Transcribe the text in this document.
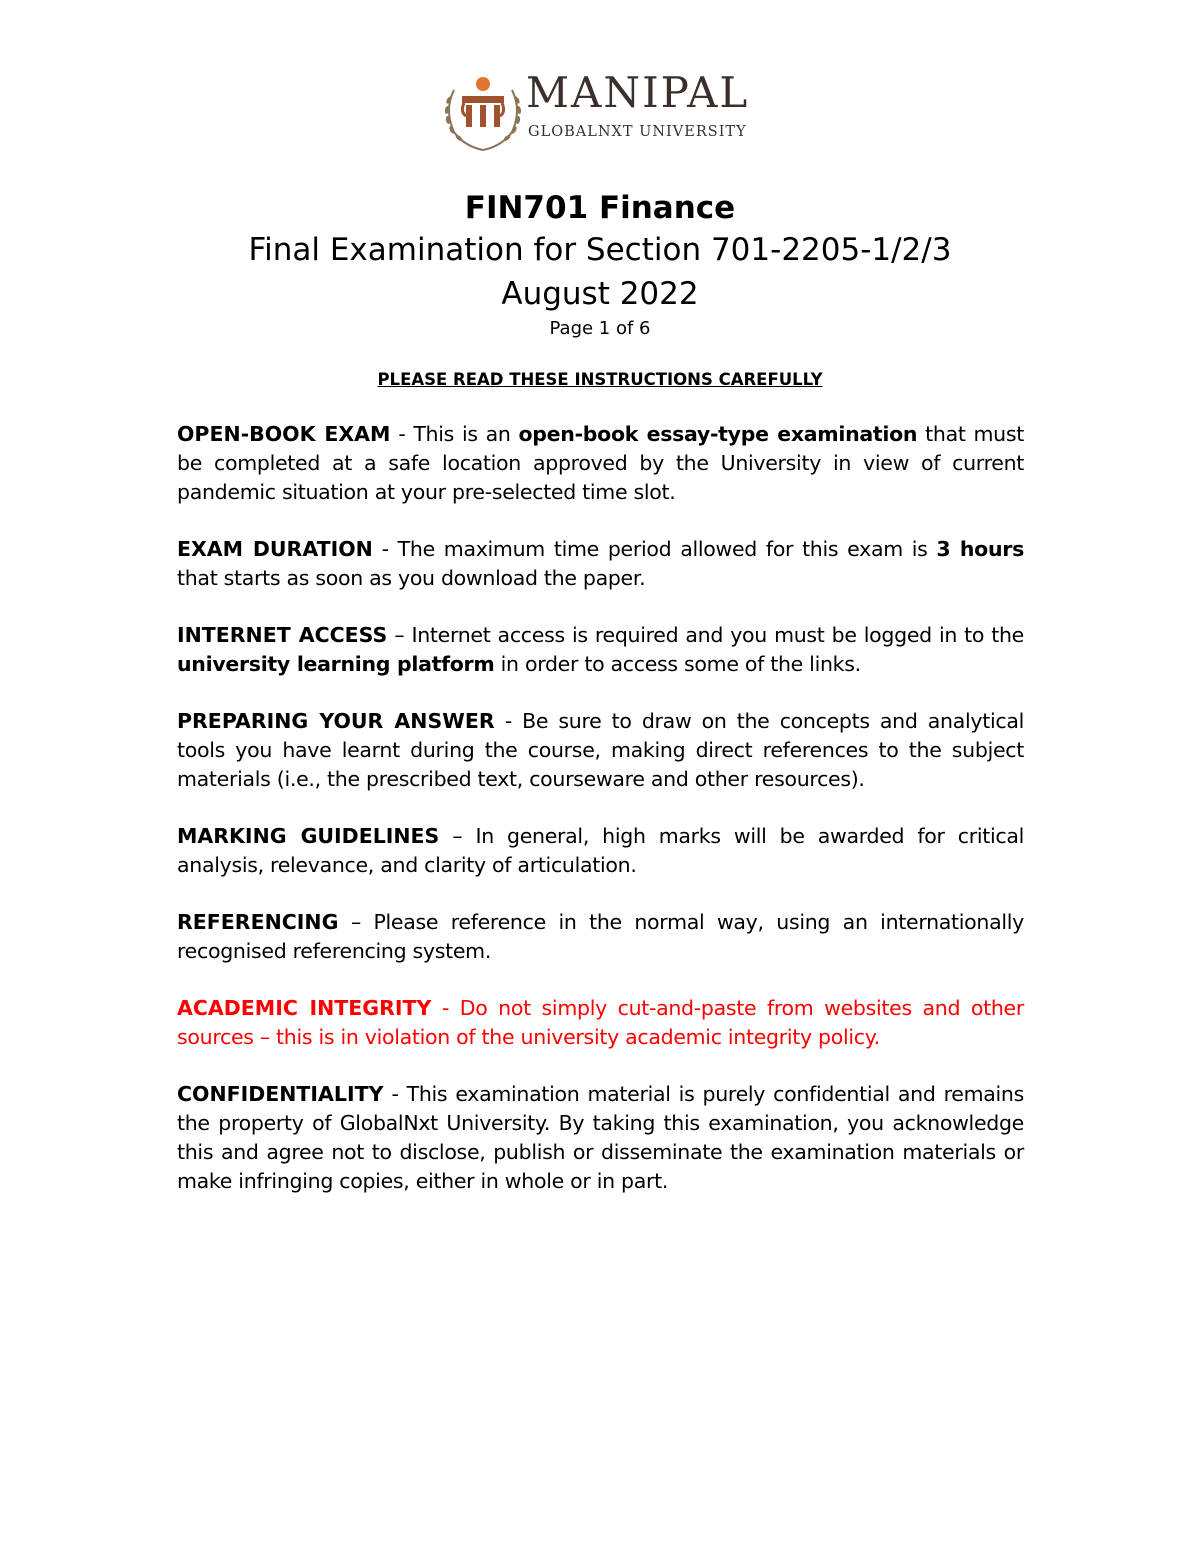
MANIPAL
GLOBALNXT UNIVERSITY

FIN701 Finance

Final Examination for Section 701-2205-1/2/3

August 2022

Page 1 of 6

PLEASE READ THESE INSTRUCTIONS CAREFULLY

OPEN-BOOK EXAM - This is an open-book essay-type examination that must be completed at a safe location approved by the University in view of current pandemic situation at your pre-selected time slot.

EXAM DURATION - The maximum time period allowed for this exam is 3 hours that starts as soon as you download the paper.

INTERNET ACCESS – Internet access is required and you must be logged in to the university learning platform in order to access some of the links.

PREPARING YOUR ANSWER - Be sure to draw on the concepts and analytical tools you have learnt during the course, making direct references to the subject materials (i.e., the prescribed text, courseware and other resources).

MARKING GUIDELINES – In general, high marks will be awarded for critical analysis, relevance, and clarity of articulation.

REFERENCING – Please reference in the normal way, using an internationally recognised referencing system.

ACADEMIC INTEGRITY - Do not simply cut-and-paste from websites and other sources – this is in violation of the university academic integrity policy.

CONFIDENTIALITY - This examination material is purely confidential and remains the property of GlobalNxt University. By taking this examination, you acknowledge this and agree not to disclose, publish or disseminate the examination materials or make infringing copies, either in whole or in part.
